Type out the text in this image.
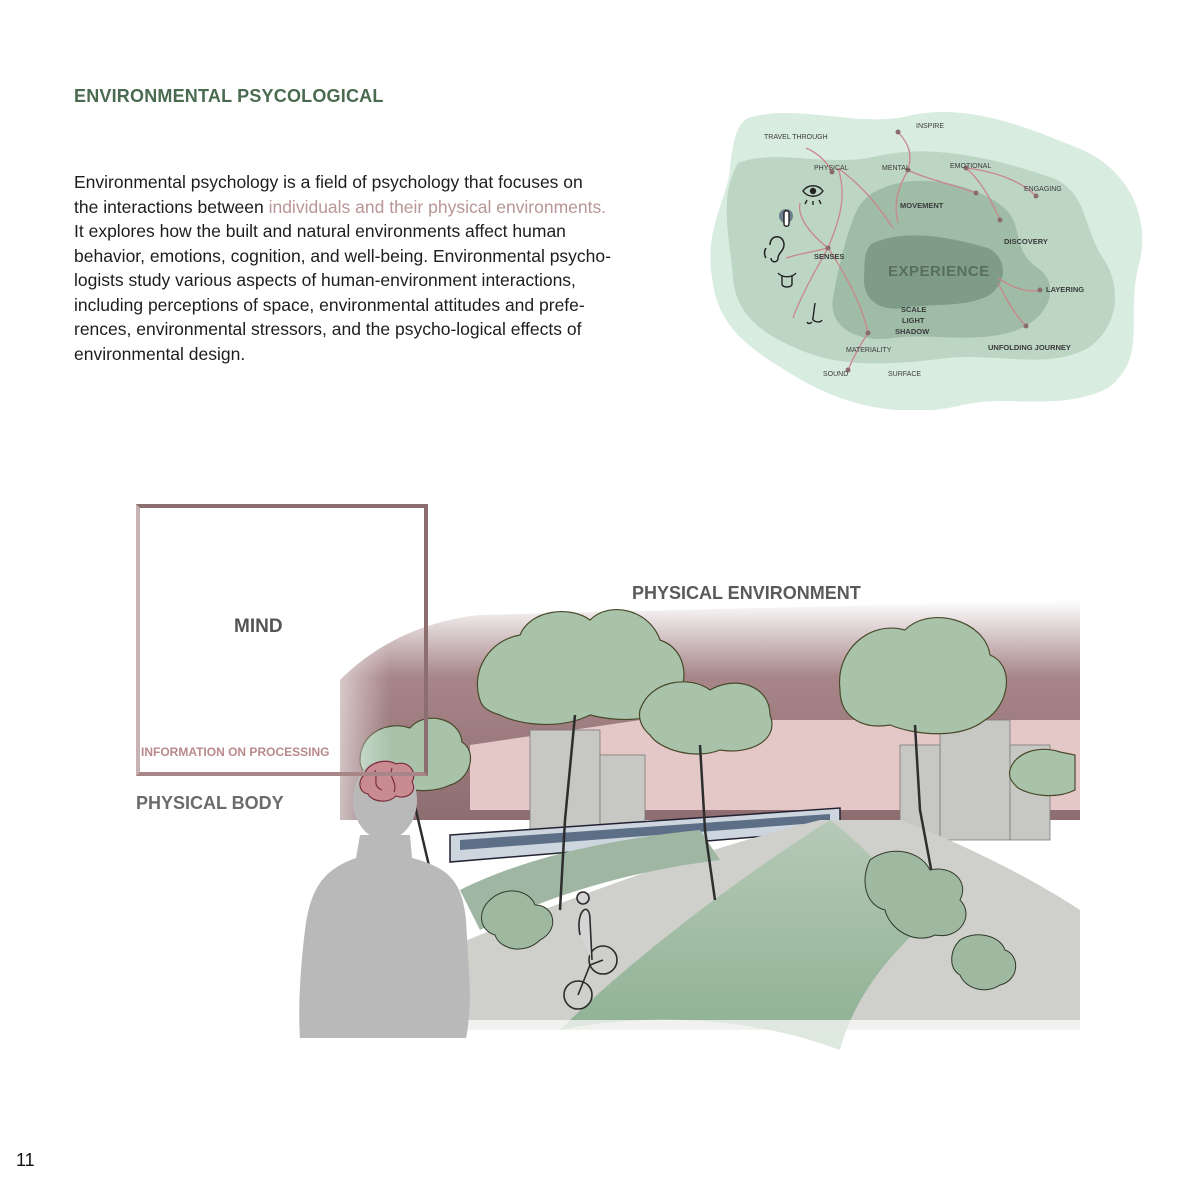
ENVIRONMENTAL PSYCOLOGICAL

Environmental psychology is a field of psychology that focuses on
the interactions between individuals and their physical environments.
It explores how the built and natural environments affect human
behavior, emotions, cognition, and well-being. Environmental psycho-
logists study various aspects of human-environment interactions,
including perceptions of space, environmental attitudes and prefe-
rences, environmental stressors, and the psycho-logical effects of
environmental design.

TRAVEL THROUGH
INSPIRE
PHYSICAL	MENTAL	EMOTIONAL
ENGAGING
MOVEMENT
DISCOVERY
SENSES
LAYERING
SCALE
LIGHT
SHADOW
UNFOLDING JOURNEY
MATERIALITY
SOUND	SURFACE
EXPERIENCE

MIND

INFORMATION ON PROCESSING

PHYSICAL BODY

PHYSICAL ENVIRONMENT

11
